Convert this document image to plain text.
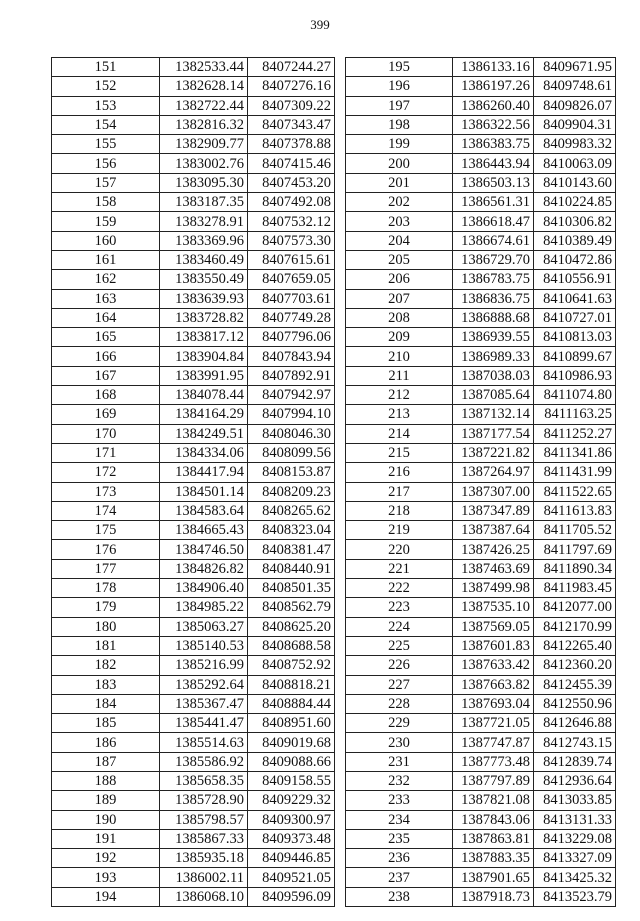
399
151	1382533.44	8407244.27
152	1382628.14	8407276.16
153	1382722.44	8407309.22
154	1382816.32	8407343.47
155	1382909.77	8407378.88
156	1383002.76	8407415.46
157	1383095.30	8407453.20
158	1383187.35	8407492.08
159	1383278.91	8407532.12
160	1383369.96	8407573.30
161	1383460.49	8407615.61
162	1383550.49	8407659.05
163	1383639.93	8407703.61
164	1383728.82	8407749.28
165	1383817.12	8407796.06
166	1383904.84	8407843.94
167	1383991.95	8407892.91
168	1384078.44	8407942.97
169	1384164.29	8407994.10
170	1384249.51	8408046.30
171	1384334.06	8408099.56
172	1384417.94	8408153.87
173	1384501.14	8408209.23
174	1384583.64	8408265.62
175	1384665.43	8408323.04
176	1384746.50	8408381.47
177	1384826.82	8408440.91
178	1384906.40	8408501.35
179	1384985.22	8408562.79
180	1385063.27	8408625.20
181	1385140.53	8408688.58
182	1385216.99	8408752.92
183	1385292.64	8408818.21
184	1385367.47	8408884.44
185	1385441.47	8408951.60
186	1385514.63	8409019.68
187	1385586.92	8409088.66
188	1385658.35	8409158.55
189	1385728.90	8409229.32
190	1385798.57	8409300.97
191	1385867.33	8409373.48
192	1385935.18	8409446.85
193	1386002.11	8409521.05
194	1386068.10	8409596.09
195	1386133.16	8409671.95
196	1386197.26	8409748.61
197	1386260.40	8409826.07
198	1386322.56	8409904.31
199	1386383.75	8409983.32
200	1386443.94	8410063.09
201	1386503.13	8410143.60
202	1386561.31	8410224.85
203	1386618.47	8410306.82
204	1386674.61	8410389.49
205	1386729.70	8410472.86
206	1386783.75	8410556.91
207	1386836.75	8410641.63
208	1386888.68	8410727.01
209	1386939.55	8410813.03
210	1386989.33	8410899.67
211	1387038.03	8410986.93
212	1387085.64	8411074.80
213	1387132.14	8411163.25
214	1387177.54	8411252.27
215	1387221.82	8411341.86
216	1387264.97	8411431.99
217	1387307.00	8411522.65
218	1387347.89	8411613.83
219	1387387.64	8411705.52
220	1387426.25	8411797.69
221	1387463.69	8411890.34
222	1387499.98	8411983.45
223	1387535.10	8412077.00
224	1387569.05	8412170.99
225	1387601.83	8412265.40
226	1387633.42	8412360.20
227	1387663.82	8412455.39
228	1387693.04	8412550.96
229	1387721.05	8412646.88
230	1387747.87	8412743.15
231	1387773.48	8412839.74
232	1387797.89	8412936.64
233	1387821.08	8413033.85
234	1387843.06	8413131.33
235	1387863.81	8413229.08
236	1387883.35	8413327.09
237	1387901.65	8413425.32
238	1387918.73	8413523.79
